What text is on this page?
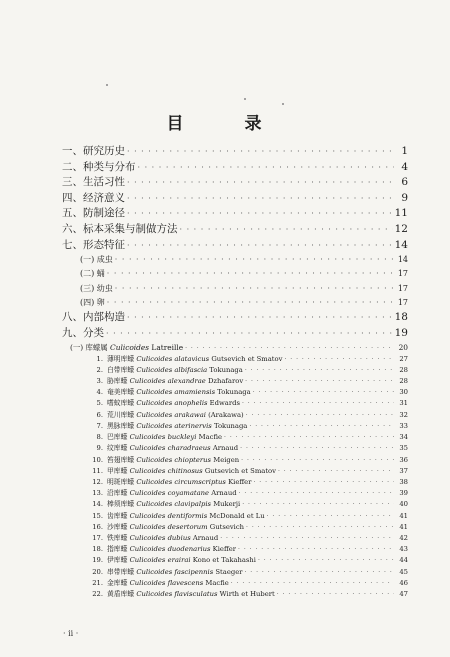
目　录
一、研究历史 · · ·	1
二、种类与分布 · · ·	4
三、生活习性 · · ·	6
四、经济意义 · · ·	9
五、防制途径 · · ·	11
六、标本采集与制做方法 · · ·	12
七、形态特征 · · ·	14
(一) 成虫 · · ·	14
(二) 蛹 · · ·	17
(三) 幼虫 · · ·	17
(四) 卵 · · ·	17
八、内部构造 · · ·	18
九、分类 · · ·	19
(一) 库蠓属 Culicoides Latreille · · ·	20
1. 薄明库蠓 Culicoides alatavicus Gutsevich et Smatov · · ·	27
2. 白带库蠓 Culicoides albifascia Tokunaga · · ·	28
3. 胁库蠓 Culicoides alexandrae Dzhafarov · · ·	28
4. 奄美库蠓 Culicoides amamiensis Tokunaga · · ·	30
5. 嗜蚊库蠓 Culicoides anophelis Edwards · · ·	31
6. 荒川库蠓 Culicoides arakawai (Arakawa) · · ·	32
7. 黑脉库蠓 Culicoides aterinervis Tokunaga · · ·	33
8. 巴库蠓 Culicoides buckleyi Macfie · · ·	34
9. 纹库蠓 Culicoides charadraeus Arnaud · · ·	35
10. 笞翅库蠓 Culicoides chiopterus Meigen · · ·	36
11. 甲库蠓 Culicoides chitinosus Gutsevich et Smatov · · ·	37
12. 明斑库蠓 Culicoides circumscriptus Kieffer · · ·	38
13. 沿库蠓 Culicoides coyamatane Arnaud · · ·	39
14. 棒须库蠓 Culicoides clavipalpis Mukerji · · ·	40
15. 齿库蠓 Culicoides dentiformis McDonald et Lu · · ·	41
16. 沙库蠓 Culicoides desertorum Gutsevich · · ·	41
17. 铁库蠓 Culicoides dubius Arnaud · · ·	42
18. 指库蠓 Culicoides duodenarius Kieffer · · ·	43
19. 伊库蠓 Culicoides erairai Kono et Takahashi · · ·	44
20. 串带库蠓 Culicoides fascipennis Staeger · · ·	45
21. 金库蠓 Culicoides flavescens Macfie · · ·	46
22. 黄盾库蠓 Culicoides flavisculatus Wirth et Hubert · · ·	47
· ii ·
